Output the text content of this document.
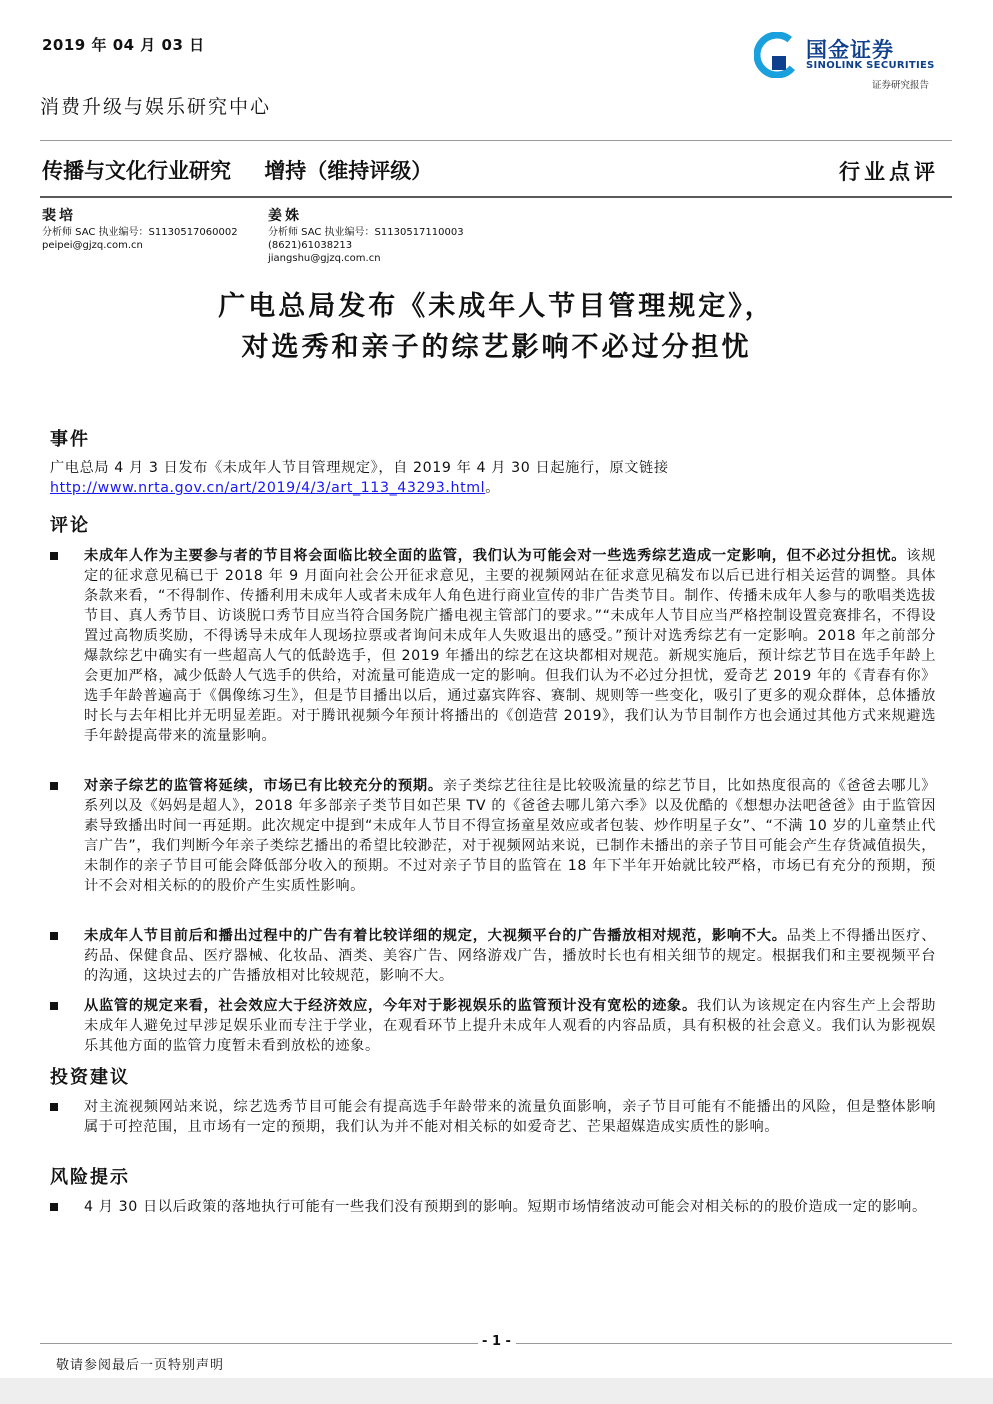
2019 年 04 月 03 日	国金证券
SINOLINK SECURITIES
证券研究报告
消费升级与娱乐研究中心
传播与文化行业研究 增持（维持评级）	行业点评
裴培
分析师 SAC 执业编号：S1130517060002
peipei@gjzq.com.cn
姜姝
分析师 SAC 执业编号：S1130517110003
(8621)61038213
jiangshu@gjzq.com.cn
广电总局发布《未成年人节目管理规定》，
对选秀和亲子的综艺影响不必过分担忧
事件
广电总局 4 月 3 日发布《未成年人节目管理规定》，自 2019 年 4 月 30 日起施行，原文链接
http://www.nrta.gov.cn/art/2019/4/3/art_113_43293.html。
评论
未成年人作为主要参与者的节目将会面临比较全面的监管，我们认为可能会对一些选秀综艺造成一定影响，但不必过分担忧。该规定的征求意见稿已于 2018 年 9 月面向社会公开征求意见，主要的视频网站在征求意见稿发布以后已进行相关运营的调整。具体条款来看，“不得制作、传播利用未成年人或者未成年人角色进行商业宣传的非广告类节目。制作、传播未成年人参与的歌唱类选拔节目、真人秀节目、访谈脱口秀节目应当符合国务院广播电视主管部门的要求。”“未成年人节目应当严格控制设置竞赛排名，不得设置过高物质奖励，不得诱导未成年人现场拉票或者询问未成年人失败退出的感受。”预计对选秀综艺有一定影响。2018 年之前部分爆款综艺中确实有一些超高人气的低龄选手，但 2019 年播出的综艺在这块都相对规范。新规实施后，预计综艺节目在选手年龄上会更加严格，减少低龄人气选手的供给，对流量可能造成一定的影响。但我们认为不必过分担忧，爱奇艺 2019 年的《青春有你》选手年龄普遍高于《偶像练习生》，但是节目播出以后，通过嘉宾阵容、赛制、规则等一些变化，吸引了更多的观众群体，总体播放时长与去年相比并无明显差距。对于腾讯视频今年预计将播出的《创造营 2019》，我们认为节目制作方也会通过其他方式来规避选手年龄提高带来的流量影响。
对亲子综艺的监管将延续，市场已有比较充分的预期。亲子类综艺往往是比较吸流量的综艺节目，比如热度很高的《爸爸去哪儿》系列以及《妈妈是超人》，2018 年多部亲子类节目如芒果 TV 的《爸爸去哪儿第六季》以及优酷的《想想办法吧爸爸》由于监管因素导致播出时间一再延期。此次规定中提到“未成年人节目不得宣扬童星效应或者包装、炒作明星子女”、“不满 10 岁的儿童禁止代言广告”，我们判断今年亲子类综艺播出的希望比较渺茫，对于视频网站来说，已制作未播出的亲子节目可能会产生存货减值损失，未制作的亲子节目可能会降低部分收入的预期。不过对亲子节目的监管在 18 年下半年开始就比较严格，市场已有充分的预期，预计不会对相关标的的股价产生实质性影响。
未成年人节目前后和播出过程中的广告有着比较详细的规定，大视频平台的广告播放相对规范，影响不大。品类上不得播出医疗、药品、保健食品、医疗器械、化妆品、酒类、美容广告、网络游戏广告，播放时长也有相关细节的规定。根据我们和主要视频平台的沟通，这块过去的广告播放相对比较规范，影响不大。
从监管的规定来看，社会效应大于经济效应，今年对于影视娱乐的监管预计没有宽松的迹象。我们认为该规定在内容生产上会帮助未成年人避免过早涉足娱乐业而专注于学业，在观看环节上提升未成年人观看的内容品质，具有积极的社会意义。我们认为影视娱乐其他方面的监管力度暂未看到放松的迹象。
投资建议
对主流视频网站来说，综艺选秀节目可能会有提高选手年龄带来的流量负面影响，亲子节目可能有不能播出的风险，但是整体影响属于可控范围，且市场有一定的预期，我们认为并不能对相关标的如爱奇艺、芒果超媒造成实质性的影响。
风险提示
4 月 30 日以后政策的落地执行可能有一些我们没有预期到的影响。短期市场情绪波动可能会对相关标的的股价造成一定的影响。
- 1 -
敬请参阅最后一页特别声明
